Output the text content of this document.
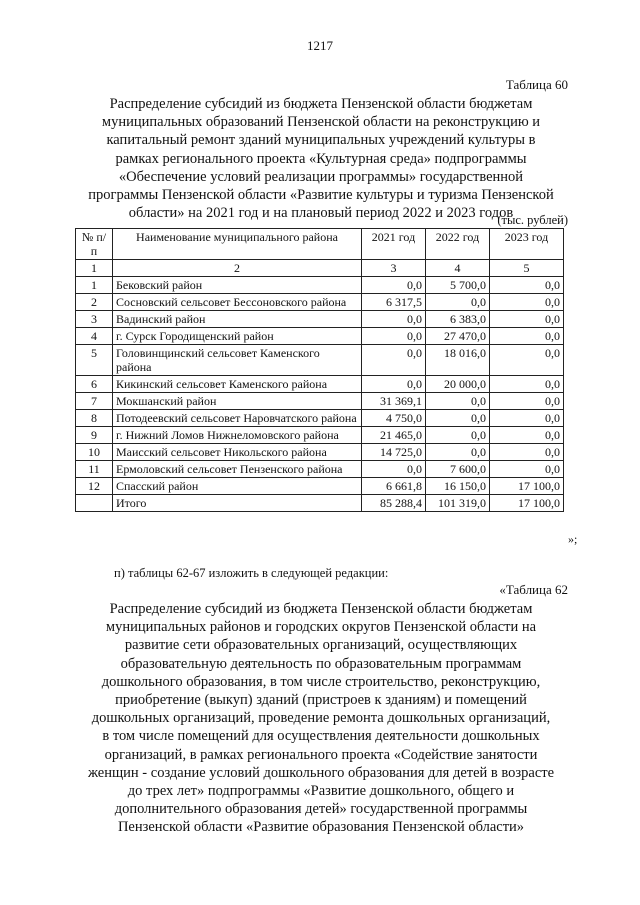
1217
Таблица 60
Распределение субсидий из бюджета Пензенской области бюджетам
муниципальных образований Пензенской области на реконструкцию и
капитальный ремонт зданий муниципальных учреждений культуры в
рамках регионального проекта «Культурная среда» подпрограммы
«Обеспечение условий реализации программы» государственной
программы Пензенской области «Развитие культуры и туризма Пензенской
области» на 2021 год и на плановый период 2022 и 2023 годов
(тыс. рублей)
№ п/п	Наименование муниципального района	2021 год	2022 год	2023 год
1	2	3	4	5
1	Бековский район	0,0	5 700,0	0,0
2	Сосновский сельсовет Бессоновского района	6 317,5	0,0	0,0
3	Вадинский район	0,0	6 383,0	0,0
4	г. Сурск Городищенский район	0,0	27 470,0	0,0
5	Головинщинский сельсовет Каменского района	0,0	18 016,0	0,0
6	Кикинский сельсовет Каменского района	0,0	20 000,0	0,0
7	Мокшанский район	31 369,1	0,0	0,0
8	Потодеевский сельсовет Наровчатского района	4 750,0	0,0	0,0
9	г. Нижний Ломов Нижнеломовского района	21 465,0	0,0	0,0
10	Маисский сельсовет Никольского района	14 725,0	0,0	0,0
11	Ермоловский сельсовет Пензенского района	0,0	7 600,0	0,0
12	Спасский район	6 661,8	16 150,0	17 100,0
	Итого	85 288,4	101 319,0	17 100,0
»;
п) таблицы 62-67 изложить в следующей редакции:
«Таблица 62
Распределение субсидий из бюджета Пензенской области бюджетам
муниципальных районов и городских округов Пензенской области на
развитие сети образовательных организаций, осуществляющих
образовательную деятельность по образовательным программам
дошкольного образования, в том числе строительство, реконструкцию,
приобретение (выкуп) зданий (пристроев к зданиям) и помещений
дошкольных организаций, проведение ремонта дошкольных организаций,
в том числе помещений для осуществления деятельности дошкольных
организаций, в рамках регионального проекта «Содействие занятости
женщин - создание условий дошкольного образования для детей в возрасте
до трех лет» подпрограммы «Развитие дошкольного, общего и
дополнительного образования детей» государственной программы
Пензенской области «Развитие образования Пензенской области»
